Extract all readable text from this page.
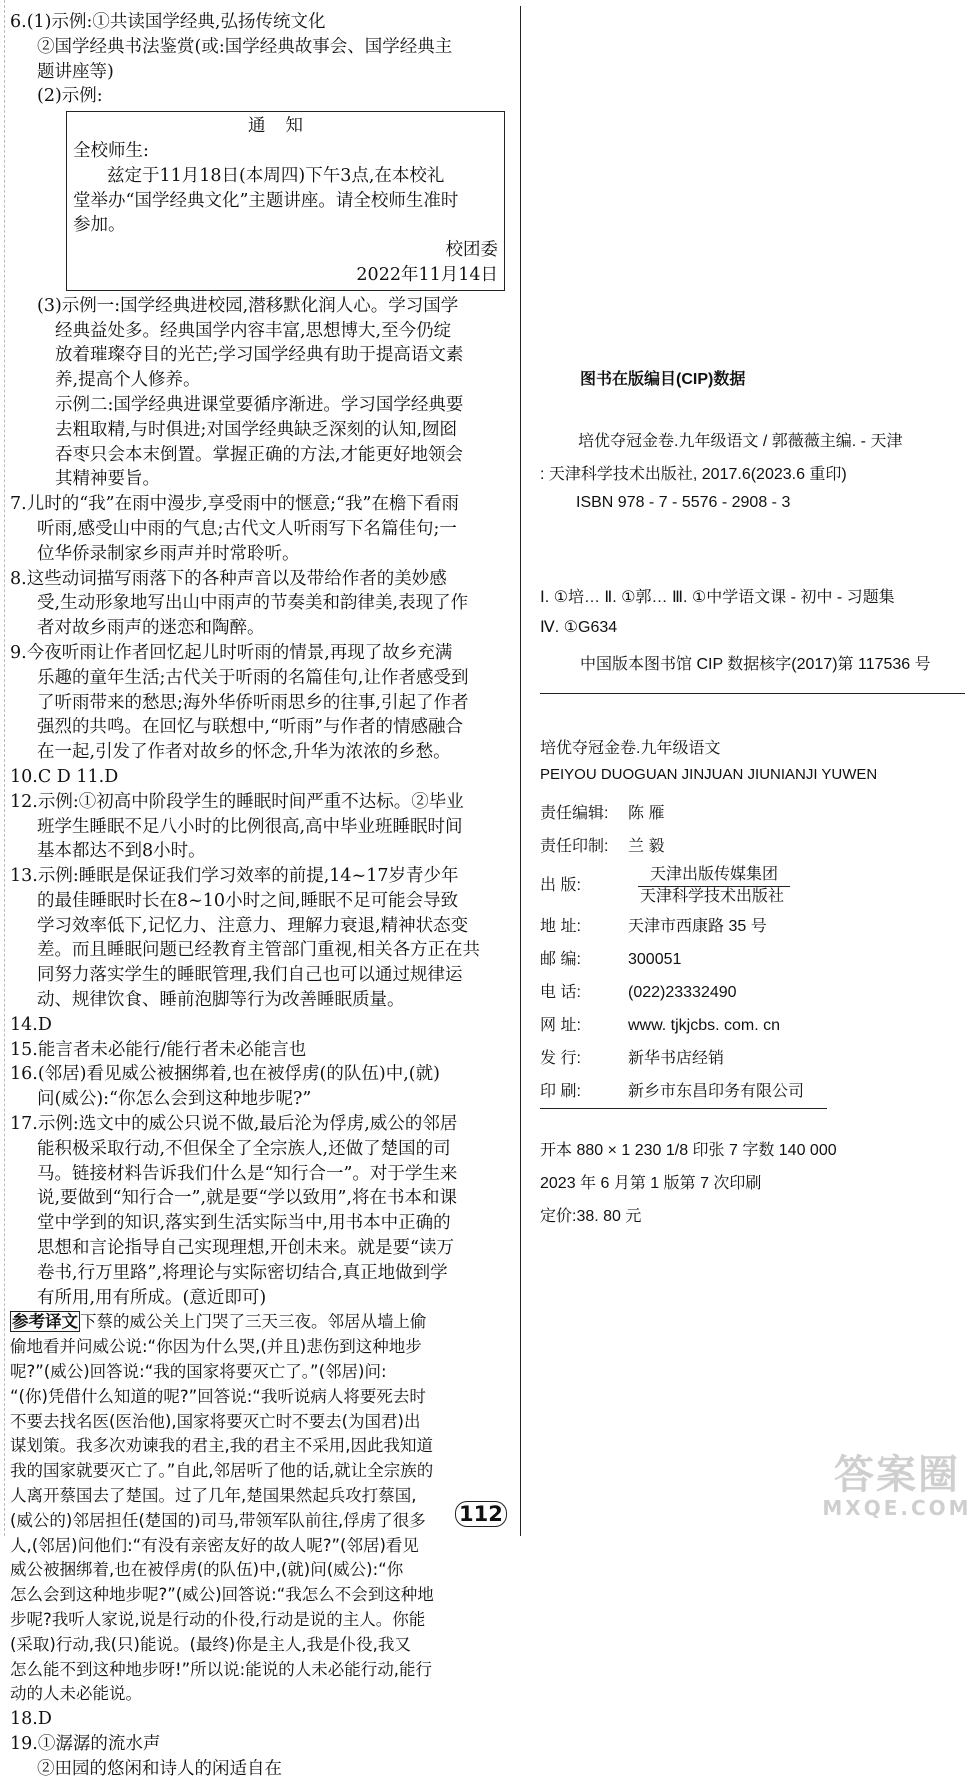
6.(1)示例:①共读国学经典,弘扬传统文化
②国学经典书法鉴赏(或:国学经典故事会、国学经典主
题讲座等)
(2)示例:
通知
全校师生:
兹定于11月18日(本周四)下午3点,在本校礼
堂举办“国学经典文化”主题讲座。请全校师生准时
参加。
校团委
2022年11月14日
(3)示例一:国学经典进校园,潜移默化润人心。学习国学
经典益处多。经典国学内容丰富,思想博大,至今仍绽
放着璀璨夺目的光芒;学习国学经典有助于提高语文素
养,提高个人修养。
示例二:国学经典进课堂要循序渐进。学习国学经典要
去粗取精,与时俱进;对国学经典缺乏深刻的认知,囫囵
吞枣只会本末倒置。掌握正确的方法,才能更好地领会
其精神要旨。
7.儿时的“我”在雨中漫步,享受雨中的惬意;“我”在檐下看雨
听雨,感受山中雨的气息;古代文人听雨写下名篇佳句;一
位华侨录制家乡雨声并时常聆听。
8.这些动词描写雨落下的各种声音以及带给作者的美妙感
受,生动形象地写出山中雨声的节奏美和韵律美,表现了作
者对故乡雨声的迷恋和陶醉。
9.今夜听雨让作者回忆起儿时听雨的情景,再现了故乡充满
乐趣的童年生活;古代关于听雨的名篇佳句,让作者感受到
了听雨带来的愁思;海外华侨听雨思乡的往事,引起了作者
强烈的共鸣。在回忆与联想中,“听雨”与作者的情感融合
在一起,引发了作者对故乡的怀念,升华为浓浓的乡愁。
10.C D 11.D
12.示例:①初高中阶段学生的睡眠时间严重不达标。②毕业
班学生睡眠不足八小时的比例很高,高中毕业班睡眠时间
基本都达不到8小时。
13.示例:睡眠是保证我们学习效率的前提,14~17岁青少年
的最佳睡眠时长在8~10小时之间,睡眠不足可能会导致
学习效率低下,记忆力、注意力、理解力衰退,精神状态变
差。而且睡眠问题已经教育主管部门重视,相关各方正在共
同努力落实学生的睡眠管理,我们自己也可以通过规律运
动、规律饮食、睡前泡脚等行为改善睡眠质量。
14.D
15.能言者未必能行/能行者未必能言也
16.(邻居)看见威公被捆绑着,也在被俘虏(的队伍)中,(就)
问(威公):“你怎么会到这种地步呢?”
17.示例:选文中的威公只说不做,最后沦为俘虏,威公的邻居
能积极采取行动,不但保全了全宗族人,还做了楚国的司
马。链接材料告诉我们什么是“知行合一”。对于学生来
说,要做到“知行合一”,就是要“学以致用”,将在书本和课
堂中学到的知识,落实到生活实际当中,用书本中正确的
思想和言论指导自己实现理想,开创未来。就是要“读万
卷书,行万里路”,将理论与实际密切结合,真正地做到学
有所用,用有所成。(意近即可)
参考译文 下蔡的威公关上门哭了三天三夜。邻居从墙上偷
偷地看并问威公说:“你因为什么哭,(并且)悲伤到这种地步
呢?”(威公)回答说:“我的国家将要灭亡了。”(邻居)问:
“(你)凭借什么知道的呢?”回答说:“我听说病人将要死去时
不要去找名医(医治他),国家将要灭亡时不要去(为国君)出
谋划策。我多次劝谏我的君主,我的君主不采用,因此我知道
我的国家就要灭亡了。”自此,邻居听了他的话,就让全宗族的
人离开蔡国去了楚国。过了几年,楚国果然起兵攻打蔡国,
(威公的)邻居担任(楚国的)司马,带领军队前往,俘虏了很多
人,(邻居)问他们:“有没有亲密友好的故人呢?”(邻居)看见
威公被捆绑着,也在被俘虏(的队伍)中,(就)问(威公):“你
怎么会到这种地步呢?”(威公)回答说:“我怎么不会到这种地
步呢?我听人家说,说是行动的仆役,行动是说的主人。你能
(采取)行动,我(只)能说。(最终)你是主人,我是仆役,我又
怎么能不到这种地步呀!”所以说:能说的人未必能行动,能行
动的人未必能说。
18.D
19.①潺潺的流水声
②田园的悠闲和诗人的闲适自在
图书在版编目(CIP)数据
培优夺冠金卷.九年级语文 / 郭薇薇主编. - 天津
: 天津科学技术出版社, 2017.6(2023.6 重印)
ISBN 978 - 7 - 5576 - 2908 - 3
Ⅰ. ①培… Ⅱ. ①郭… Ⅲ. ①中学语文课 - 初中 - 习题集
Ⅳ. ①G634
中国版本图书馆 CIP 数据核字(2017)第 117536 号
培优夺冠金卷.九年级语文
PEIYOU DUOGUAN JINJUAN JIUNIANJI YUWEN
责任编辑: 陈 雁
责任印制: 兰 毅
出 版:
天津出版传媒集团
天津科学技术出版社
地 址:	天津市西康路 35 号
邮 编:	300051
电 话:	(022)23332490
网 址:	www. tjkjcbs. com. cn
发 行:	新华书店经销
印 刷:	新乡市东昌印务有限公司
开本 880 × 1 230 1/8 印张 7 字数 140 000
2023 年 6 月第 1 版第 7 次印刷
定价:38. 80 元
112
答案圈
MXQE.COM
